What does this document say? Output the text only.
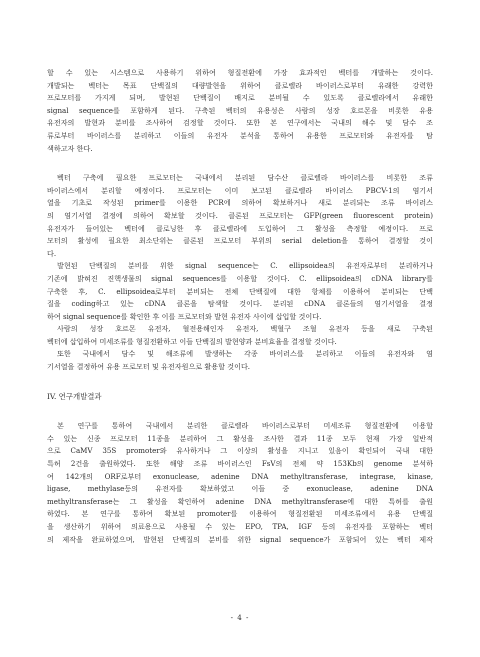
할 수 있는 시스템으로 사용하기 위하여 형질전환에 가장 효과적인 벡터를 개발하는 것이다.

개발되는 벡터는 목표 단백질의 대량발현을 위하여 클로렐라 바이러스로부터 유래한 강력한

프로모터를 가지게 되며, 발현된 단백질이 배지로 분비될 수 있도록 클로렐라에서 유래한

signal sequence를 포함하게 된다. 구축된 벡터의 유용성은 사람의 성장 호르몬을 비롯한 유용

유전자의 발현과 분비를 조사하여 검정할 것이다. 또한 본 연구에서는 국내의 해수 및 담수 조

류로부터 바이러스를 분리하고 이들의 유전자 분석을 통하여 유용한 프로모터와 유전자를 탐

색하고자 한다.

벡터 구축에 필요한 프로모터는 국내에서 분리된 담수산 클로렐라 바이러스를 비롯한 조류

바이러스에서 분리할 예정이다. 프로모터는 이미 보고된 클로렐라 바이러스 PBCV-1의 염기서

열을 기초로 작성된 primer를 이용한 PCR에 의하여 확보하거나 새로 분리되는 조류 바이러스

의 염기서열 결정에 의하여 확보할 것이다. 클론된 프로모터는 GFP(green fluorescent protein)

유전자가 들어있는 벡터에 클로닝한 후 클로렐라에 도입하여 그 활성을 측정할 예정이다. 프로

모터의 활성에 필요한 최소단위는 클론된 프로모터 부위의 serial deletion을 통하여 결정할 것이

다.

발현된 단백질의 분비를 위한 signal sequence는 C. ellipsoidea의 유전자로부터 분리하거나

기존에 밝혀진 진핵생물의 signal sequences를 이용할 것이다. C. ellipsoidea의 cDNA library를

구축한 후, C. ellipsoidea로부터 분비되는 전체 단백질에 대한 항체를 이용하여 분비되는 단백

질을 coding하고 있는 cDNA 클론을 탐색할 것이다. 분리된 cDNA 클론들의 염기서열을 결정

하여 signal sequence를 확인한 후 이를 프로모터와 발현 유전자 사이에 삽입할 것이다.

사람의 성장 호르몬 유전자, 혈전용해인자 유전자, 백혈구 조혈 유전자 등을 새로 구축된

벡터에 삽입하여 미세조류를 형질전환하고 이들 단백질의 발현양과 분비효율을 결정할 것이다.

또한 국내에서 담수 및 해조류에 발생하는 각종 바이러스를 분리하고 이들의 유전자와 염

기서열을 결정하여 유용 프로모터 및 유전자원으로 활용할 것이다.

IV. 연구개발결과

본 연구를 통하여 국내에서 분리한 클로렐라 바이러스로부터 미세조류 형질전환에 이용할

수 있는 신종 프로모터 11종을 분리하여 그 활성을 조사한 결과 11종 모두 현재 가장 일반적

으로 CaMV 35S promoter와 유사하거나 그 이상의 활성을 지니고 있음이 확인되어 국내 대한

특허 2건을 출원하였다. 또한 해양 조류 바이러스인 FsV의 전체 약 153Kb의 genome 분석하

여 142개의 ORF로부터 exonuclease, adenine DNA methyltransferase, integrase, kinase,

ligase, methylase등의 유전자를 확보하였고 이들 중 exonuclease, adenine DNA

methyltransferase는 그 활성을 확인하여 adenine DNA methyltransferase에 대한 특허를 출원

하였다. 본 연구를 통하여 확보된 promoter를 이용하여 형질전환된 미세조류에서 유용 단백질

을 생산하기 위하여 의료용으로 사용될 수 있는 EPO, TPA, IGF 등의 유전자를 포함하는 벡터

의 제작을 완료하였으며, 발현된 단백질의 분비를 위한 signal sequence가 포함되어 있는 벡터 제작

- 4 -
